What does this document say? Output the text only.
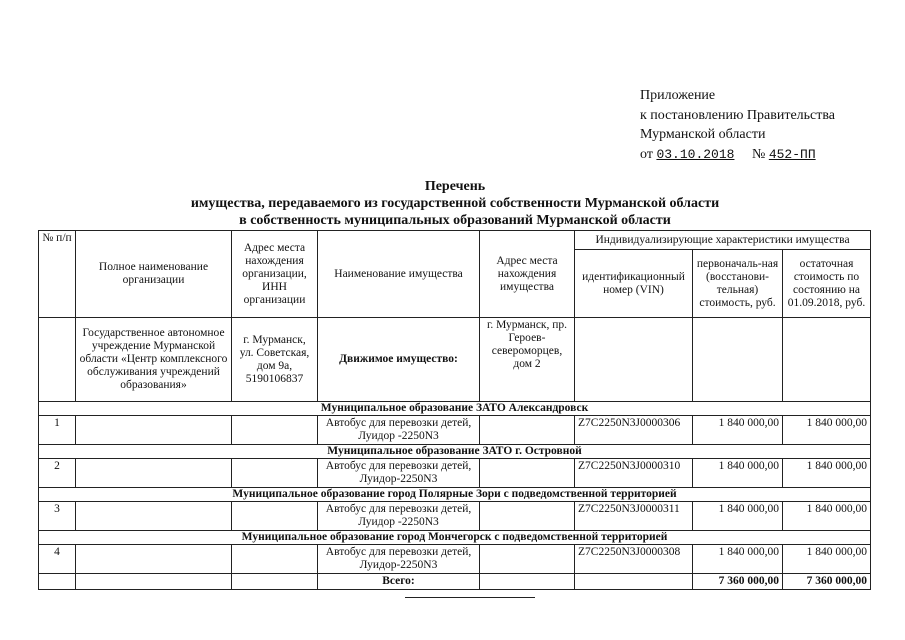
Приложение
к постановлению Правительства
Мурманской области
от 03.10.2018 № 452-ПП
Перечень
имущества, передаваемого из государственной собственности Мурманской области
в собственность муниципальных образований Мурманской области
№ п/п	Полное наименование организации	Адрес места нахождения организации, ИНН организации	Наименование имущества	Адрес места нахождения имущества	Индивидуализирующие характеристики имущества		
					идентификационный номер (VIN)	первоначаль-ная (восстанови-тельная) стоимость, руб.	остаточная стоимость по состоянию на 01.09.2018, руб.
	Государственное автономное учреждение Мурманской области «Центр комплексного обслуживания учреждений образования»	г. Мурманск, ул. Советская, дом 9а, 5190106837	Движимое имущество:	г. Мурманск, пр. Героев-североморцев, дом 2			
Муниципальное образование ЗАТО Александровск							
1			Автобус для перевозки детей, Луидор -2250N3		Z7C2250N3J0000306	1 840 000,00	1 840 000,00
Муниципальное образование ЗАТО г. Островной							
2			Автобус для перевозки детей, Луидор-2250N3		Z7C2250N3J0000310	1 840 000,00	1 840 000,00
Муниципальное образование город Полярные Зори с подведомственной территорией							
3			Автобус для перевозки детей, Луидор -2250N3		Z7C2250N3J0000311	1 840 000,00	1 840 000,00
Муниципальное образование город Мончегорск с подведомственной территорией							
4			Автобус для перевозки детей, Луидор-2250N3		Z7C2250N3J0000308	1 840 000,00	1 840 000,00
			Всего:			7 360 000,00	7 360 000,00
